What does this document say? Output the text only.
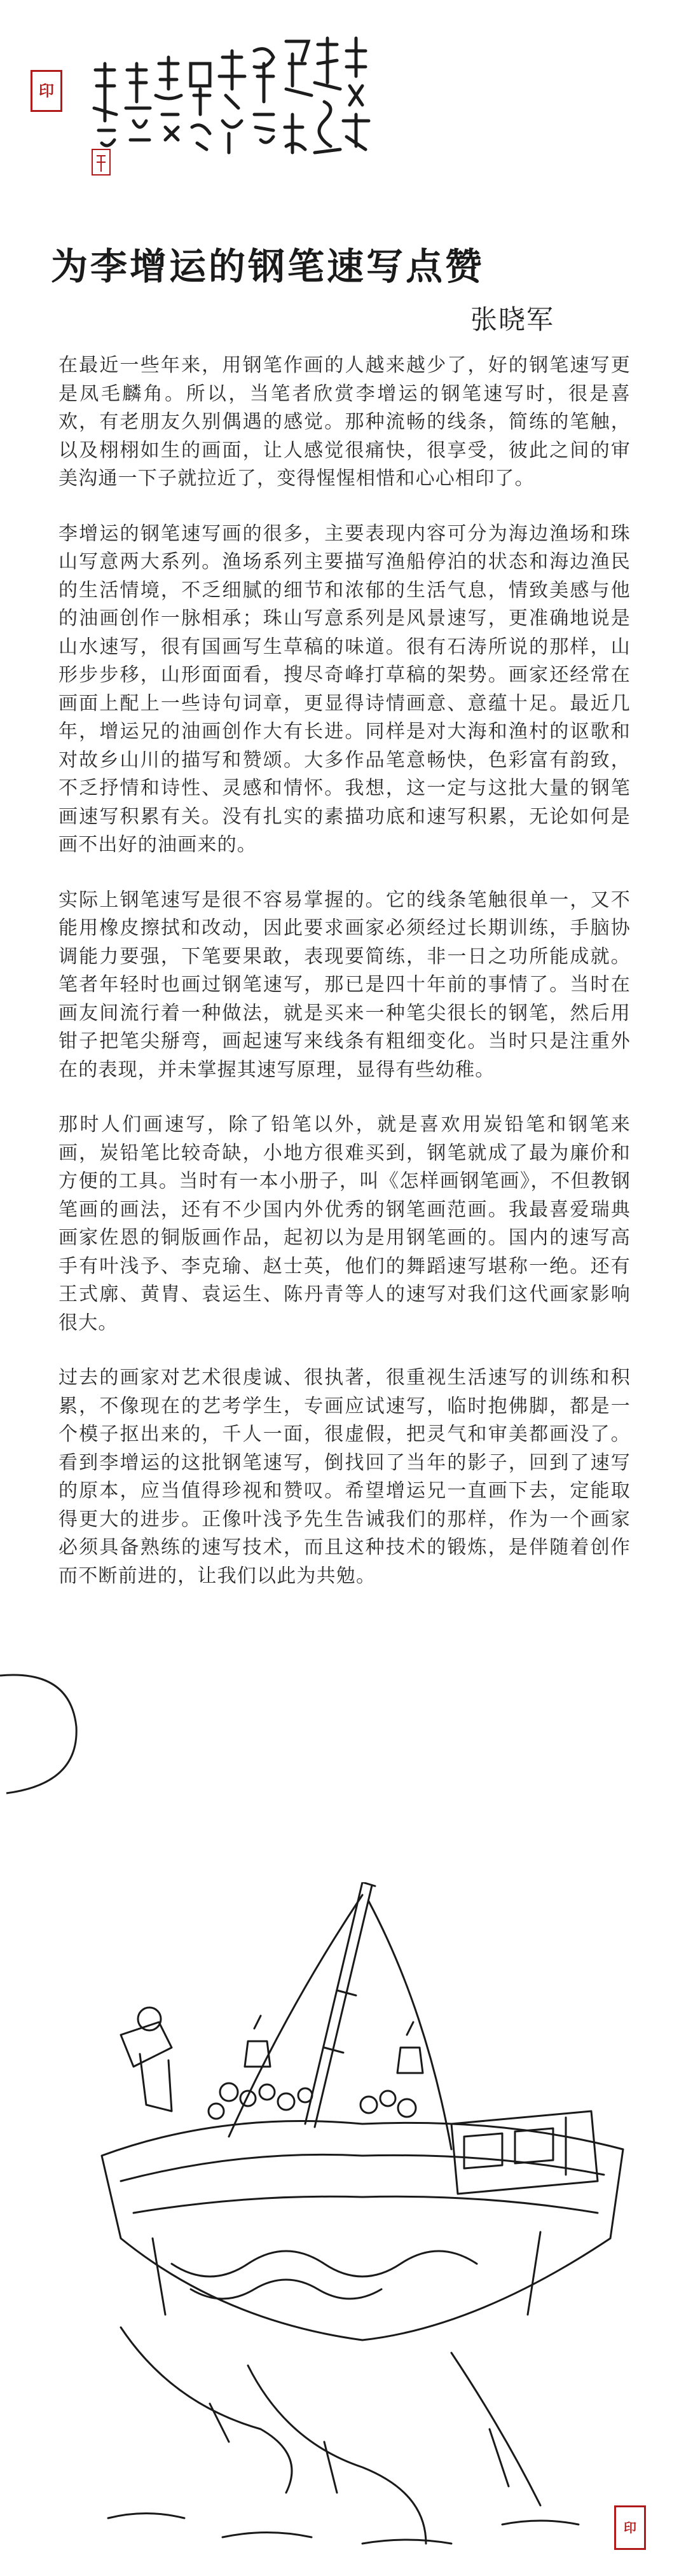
印
为李增运的钢笔速写点赞
张晓军

在最近一些年来，用钢笔作画的人越来越少了，好的钢笔速写更是凤毛麟角。所以，当笔者欣赏李增运的钢笔速写时，很是喜欢，有老朋友久别偶遇的感觉。那种流畅的线条，简练的笔触，以及栩栩如生的画面，让人感觉很痛快，很享受，彼此之间的审美沟通一下子就拉近了，变得惺惺相惜和心心相印了。

李增运的钢笔速写画的很多，主要表现内容可分为海边渔场和珠山写意两大系列。渔场系列主要描写渔船停泊的状态和海边渔民的生活情境，不乏细腻的细节和浓郁的生活气息，情致美感与他的油画创作一脉相承；珠山写意系列是风景速写，更准确地说是山水速写，很有国画写生草稿的味道。很有石涛所说的那样，山形步步移，山形面面看，搜尽奇峰打草稿的架势。画家还经常在画面上配上一些诗句词章，更显得诗情画意、意蕴十足。最近几年，增运兄的油画创作大有长进。同样是对大海和渔村的讴歌和对故乡山川的描写和赞颂。大多作品笔意畅快，色彩富有韵致，不乏抒情和诗性、灵感和情怀。我想，这一定与这批大量的钢笔画速写积累有关。没有扎实的素描功底和速写积累，无论如何是画不出好的油画来的。

实际上钢笔速写是很不容易掌握的。它的线条笔触很单一，又不能用橡皮擦拭和改动，因此要求画家必须经过长期训练，手脑协调能力要强，下笔要果敢，表现要简练，非一日之功所能成就。笔者年轻时也画过钢笔速写，那已是四十年前的事情了。当时在画友间流行着一种做法，就是买来一种笔尖很长的钢笔，然后用钳子把笔尖掰弯，画起速写来线条有粗细变化。当时只是注重外在的表现，并未掌握其速写原理，显得有些幼稚。

那时人们画速写，除了铅笔以外，就是喜欢用炭铅笔和钢笔来画，炭铅笔比较奇缺，小地方很难买到，钢笔就成了最为廉价和方便的工具。当时有一本小册子，叫《怎样画钢笔画》，不但教钢笔画的画法，还有不少国内外优秀的钢笔画范画。我最喜爱瑞典画家佐恩的铜版画作品，起初以为是用钢笔画的。国内的速写高手有叶浅予、李克瑜、赵士英，他们的舞蹈速写堪称一绝。还有王式廓、黄胄、袁运生、陈丹青等人的速写对我们这代画家影响很大。

过去的画家对艺术很虔诚、很执著，很重视生活速写的训练和积累，不像现在的艺考学生，专画应试速写，临时抱佛脚，都是一个模子抠出来的，千人一面，很虚假，把灵气和审美都画没了。看到李增运的这批钢笔速写，倒找回了当年的影子，回到了速写的原本，应当值得珍视和赞叹。希望增运兄一直画下去，定能取得更大的进步。正像叶浅予先生告诫我们的那样，作为一个画家必须具备熟练的速写技术，而且这种技术的锻炼，是伴随着创作而不断前进的，让我们以此为共勉。

印
